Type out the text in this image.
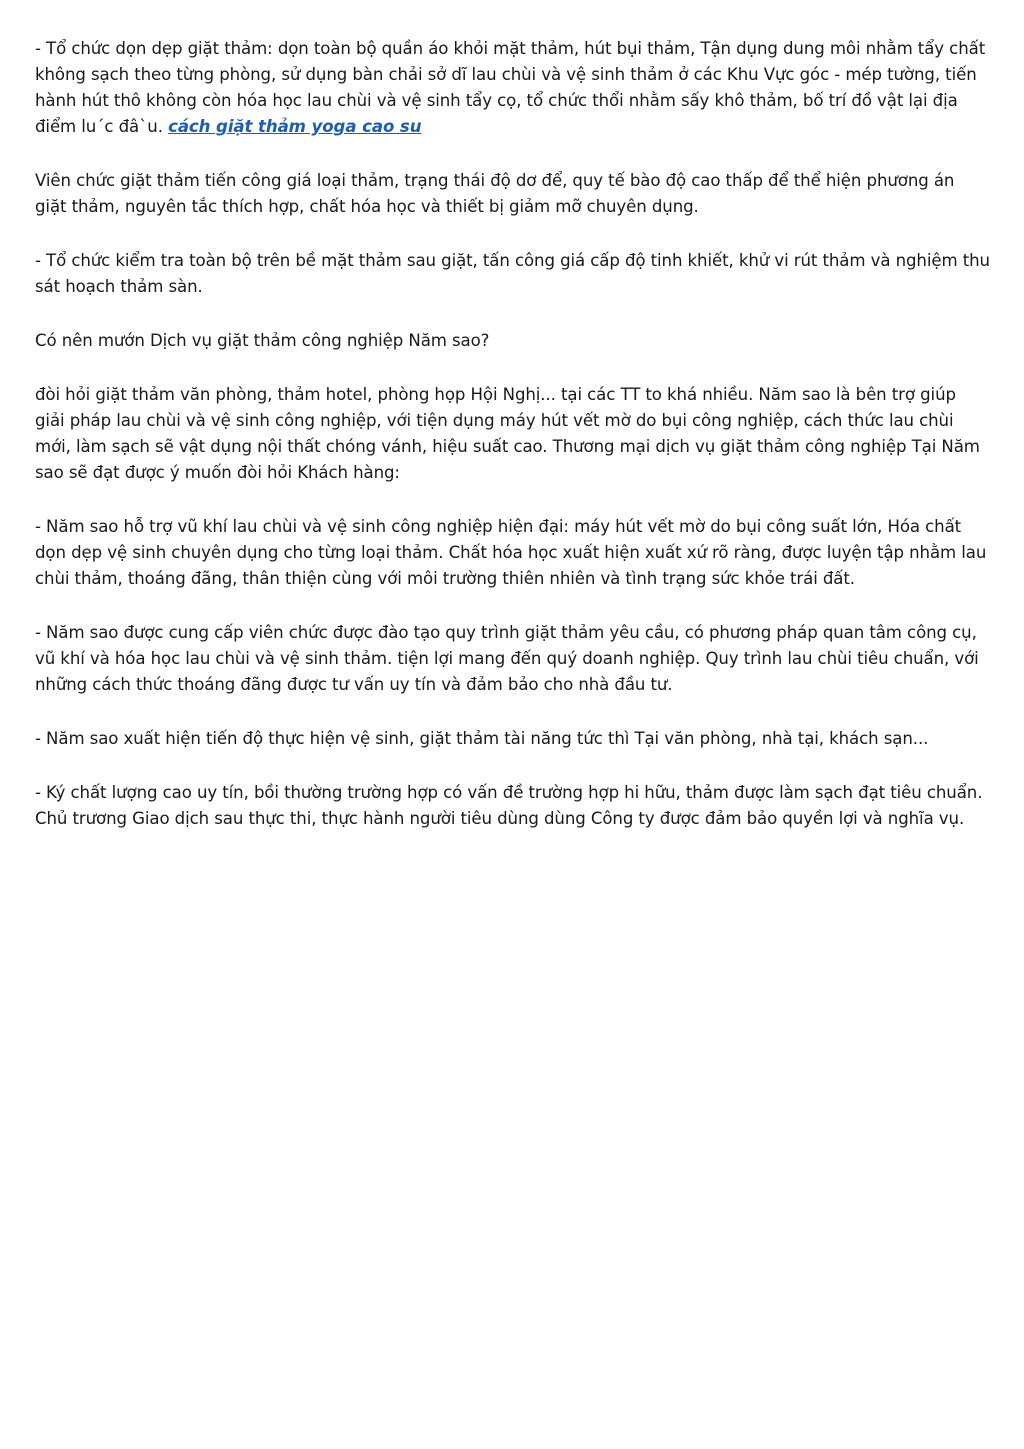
- Tổ chức dọn dẹp giặt thảm: dọn toàn bộ quần áo khỏi mặt thảm, hút bụi thảm, Tận dụng dung môi nhằm tẩy chất không sạch theo từng phòng, sử dụng bàn chải sở dĩ lau chùi và vệ sinh thảm ở các Khu Vực góc - mép tường, tiến hành hút thô không còn hóa học lau chùi và vệ sinh tẩy cọ, tổ chức thổi nhằm sấy khô thảm, bố trí đồ vật lại địa điểm lu´c đâ`u. cách giặt thảm yoga cao su

Viên chức giặt thảm tiến công giá loại thảm, trạng thái độ dơ để, quy tế bào độ cao thấp để thể hiện phương án giặt thảm, nguyên tắc thích hợp, chất hóa học và thiết bị giảm mỡ chuyên dụng.

- Tổ chức kiểm tra toàn bộ trên bề mặt thảm sau giặt, tấn công giá cấp độ tinh khiết, khử vi rút thảm và nghiệm thu sát hoạch thảm sàn.

Có nên mướn Dịch vụ giặt thảm công nghiệp Năm sao?

đòi hỏi giặt thảm văn phòng, thảm hotel, phòng họp Hội Nghị... tại các TT to khá nhiều. Năm sao là bên trợ giúp giải pháp lau chùi và vệ sinh công nghiệp, với tiện dụng máy hút vết mờ do bụi công nghiệp, cách thức lau chùi mới, làm sạch sẽ vật dụng nội thất chóng vánh, hiệu suất cao. Thương mại dịch vụ giặt thảm công nghiệp Tại Năm sao sẽ đạt được ý muốn đòi hỏi Khách hàng:

- Năm sao hỗ trợ vũ khí lau chùi và vệ sinh công nghiệp hiện đại: máy hút vết mờ do bụi công suất lớn, Hóa chất dọn dẹp vệ sinh chuyên dụng cho từng loại thảm. Chất hóa học xuất hiện xuất xứ rõ ràng, được luyện tập nhằm lau chùi thảm, thoáng đãng, thân thiện cùng với môi trường thiên nhiên và tình trạng sức khỏe trái đất.

- Năm sao được cung cấp viên chức được đào tạo quy trình giặt thảm yêu cầu, có phương pháp quan tâm công cụ, vũ khí và hóa học lau chùi và vệ sinh thảm. tiện lợi mang đến quý doanh nghiệp. Quy trình lau chùi tiêu chuẩn, với những cách thức thoáng đãng được tư vấn uy tín và đảm bảo cho nhà đầu tư.

- Năm sao xuất hiện tiến độ thực hiện vệ sinh, giặt thảm tài năng tức thì Tại văn phòng, nhà tại, khách sạn...

- Ký chất lượng cao uy tín, bồi thường trường hợp có vấn đề trường hợp hi hữu, thảm được làm sạch đạt tiêu chuẩn. Chủ trương Giao dịch sau thực thi, thực hành người tiêu dùng dùng Công ty được đảm bảo quyền lợi và nghĩa vụ.
